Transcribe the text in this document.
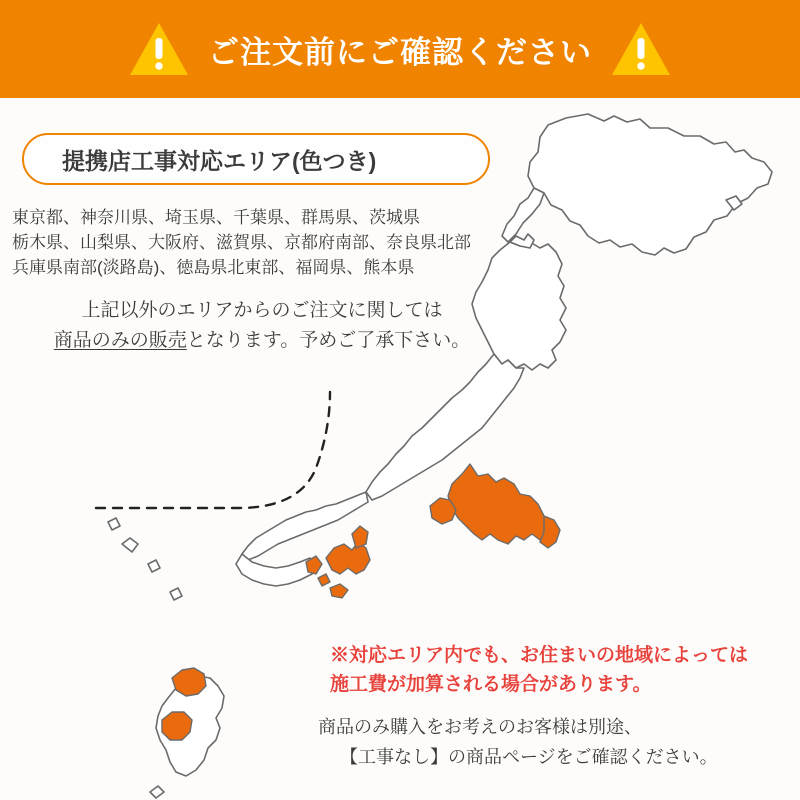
ご注文前にご確認ください
提携店工事対応エリア(色つき)
東京都、神奈川県、埼玉県、千葉県、群馬県、茨城県
栃木県、山梨県、大阪府、滋賀県、京都府南部、奈良県北部
兵庫県南部(淡路島)、徳島県北東部、福岡県、熊本県
上記以外のエリアからのご注文に関しては
商品のみの販売となります。予めご了承下さい。
※対応エリア内でも、お住まいの地域によっては
施工費が加算される場合があります。
商品のみ購入をお考えのお客様は別途、
【工事なし】の商品ページをご確認ください。
